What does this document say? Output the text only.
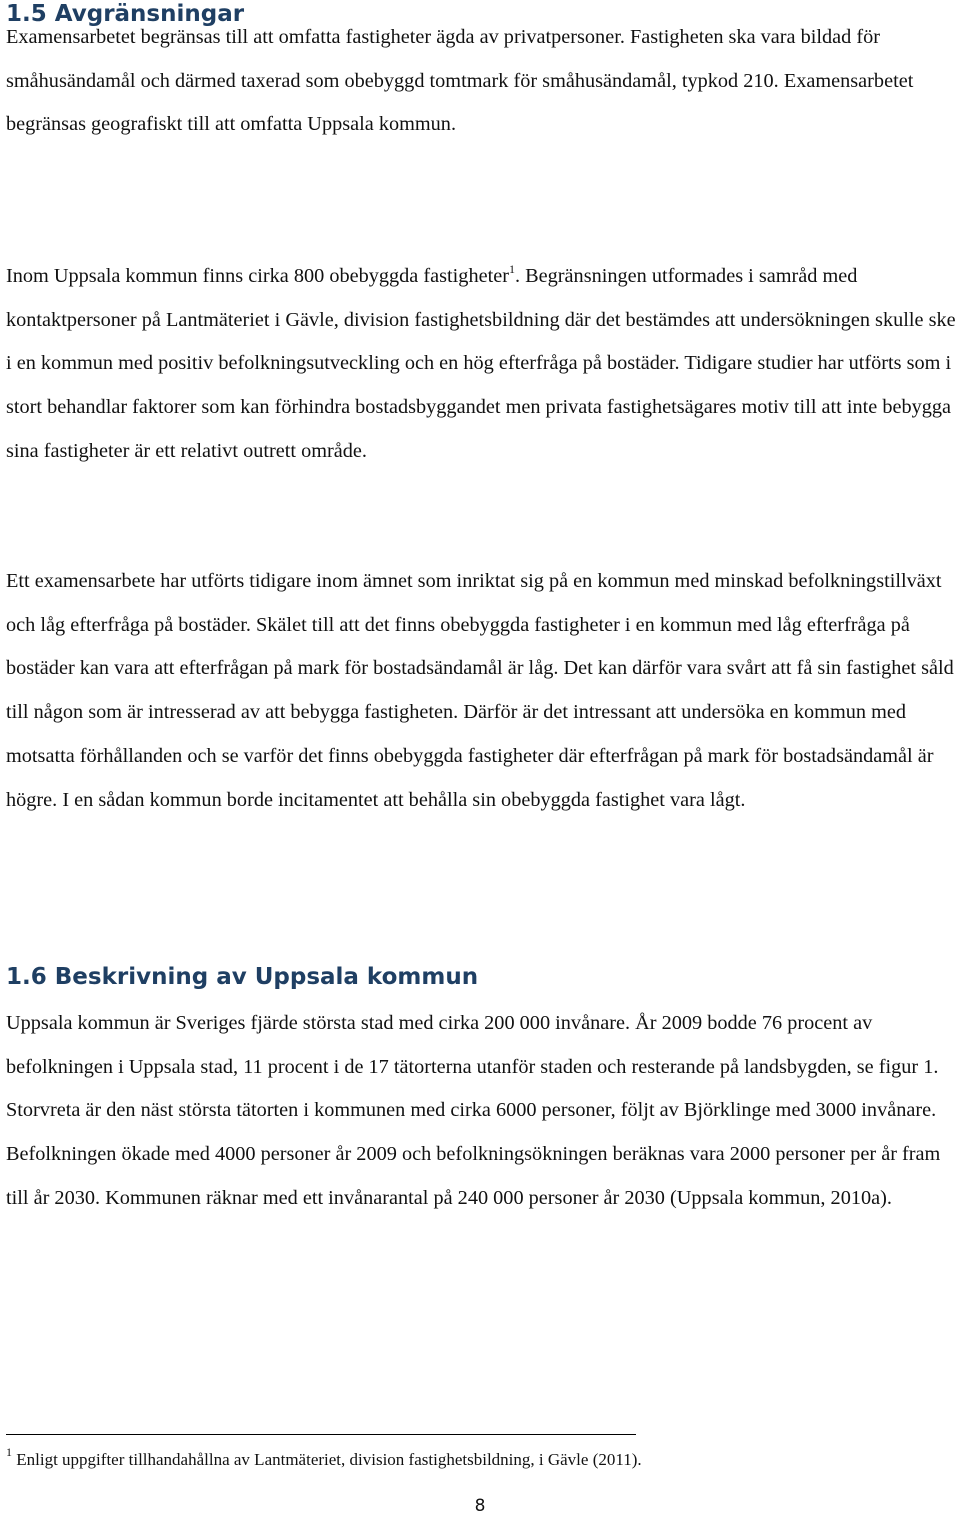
1.5 Avgränsningar

Examensarbetet begränsas till att omfatta fastigheter ägda av privatpersoner. Fastigheten ska vara bildad för småhusändamål och därmed taxerad som obebyggd tomtmark för småhusändamål, typkod 210. Examensarbetet begränsas geografiskt till att omfatta Uppsala kommun.

Inom Uppsala kommun finns cirka 800 obebyggda fastigheter$^1$. Begränsningen utformades i samråd med kontaktpersoner på Lantmäteriet i Gävle, division fastighetsbildning där det bestämdes att undersökningen skulle ske i en kommun med positiv befolkningsutveckling och en hög efterfråga på bostäder. Tidigare studier har utförts som i stort behandlar faktorer som kan förhindra bostadsbyggandet men privata fastighetsägares motiv till att inte bebygga sina fastigheter är ett relativt outrett område.

Ett examensarbete har utförts tidigare inom ämnet som inriktat sig på en kommun med minskad befolkningstillväxt och låg efterfråga på bostäder. Skälet till att det finns obebyggda fastigheter i en kommun med låg efterfråga på bostäder kan vara att efterfrågan på mark för bostadsändamål är låg. Det kan därför vara svårt att få sin fastighet såld till någon som är intresserad av att bebygga fastigheten. Därför är det intressant att undersöka en kommun med motsatta förhållanden och se varför det finns obebyggda fastigheter där efterfrågan på mark för bostadsändamål är högre. I en sådan kommun borde incitamentet att behålla sin obebyggda fastighet vara lågt.

1.6 Beskrivning av Uppsala kommun

Uppsala kommun är Sveriges fjärde största stad med cirka 200 000 invånare. År 2009 bodde 76 procent av befolkningen i Uppsala stad, 11 procent i de 17 tätorterna utanför staden och resterande på landsbygden, se figur 1. Storvreta är den näst största tätorten i kommunen med cirka 6000 personer, följt av Björklinge med 3000 invånare. Befolkningen ökade med 4000 personer år 2009 och befolkningsökningen beräknas vara 2000 personer per år fram till år 2030. Kommunen räknar med ett invånarantal på 240 000 personer år 2030 (Uppsala kommun, 2010a).

$^1$ Enligt uppgifter tillhandahållna av Lantmäteriet, division fastighetsbildning, i Gävle (2011).

8
